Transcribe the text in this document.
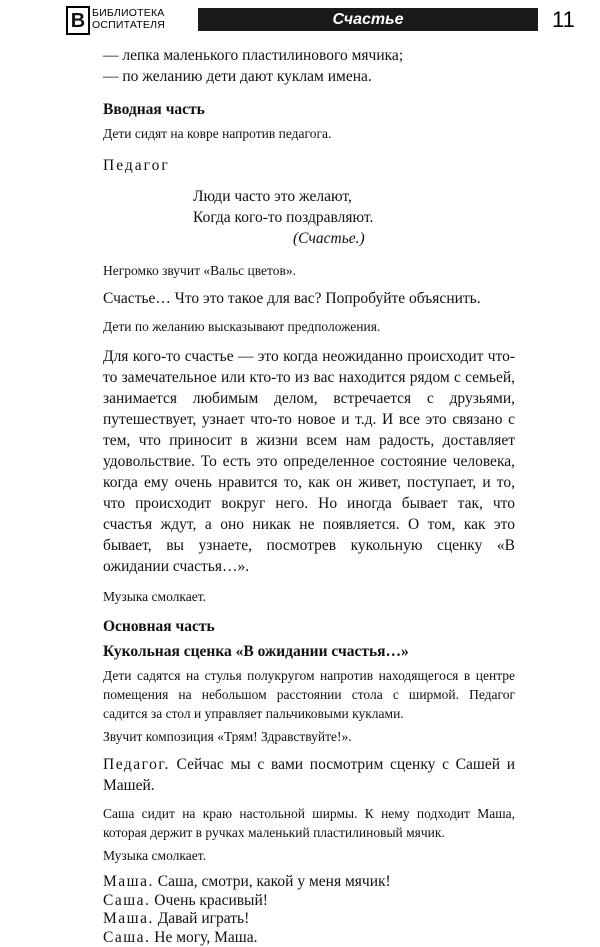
В БИБЛИОТЕКА
ОСПИТАТЕЛЯ	Счастье	11

— лепка маленького пластилинового мячика;

— по желанию дети дают куклам имена.

Вводная часть

Дети сидят на ковре напротив педагога.

Педагог

Люди часто это желают,
Когда кого-то поздравляют.
(Счастье.)

Негромко звучит «Вальс цветов».

Счастье… Что это такое для вас? Попробуйте объяснить.

Дети по желанию высказывают предположения.

Для кого-то счастье — это когда неожиданно происходит что-то замечательное или кто-то из вас находится рядом с семьей, занимается любимым делом, встречается с друзьями, путешествует, узнает что-то новое и т.д. И все это связано с тем, что приносит в жизни всем нам радость, доставляет удовольствие. То есть это определенное состояние человека, когда ему очень нравится то, как он живет, поступает, и то, что происходит вокруг него. Но иногда бывает так, что счастья ждут, а оно никак не появляется. О том, как это бывает, вы узнаете, посмотрев кукольную сценку «В ожидании счастья…».

Музыка смолкает.

Основная часть

Кукольная сценка «В ожидании счастья…»

Дети садятся на стулья полукругом напротив находящегося в центре помещения на небольшом расстоянии стола с ширмой. Педагог садится за стол и управляет пальчиковыми куклами.

Звучит композиция «Трям! Здравствуйте!».

Педагог. Сейчас мы с вами посмотрим сценку с Сашей и Машей.

Саша сидит на краю настольной ширмы. К нему подходит Маша, которая держит в ручках маленький пластилиновый мячик.

Музыка смолкает.

Маша. Саша, смотри, какой у меня мячик!
Саша. Очень красивый!
Маша. Давай играть!
Саша. Не могу, Маша.
